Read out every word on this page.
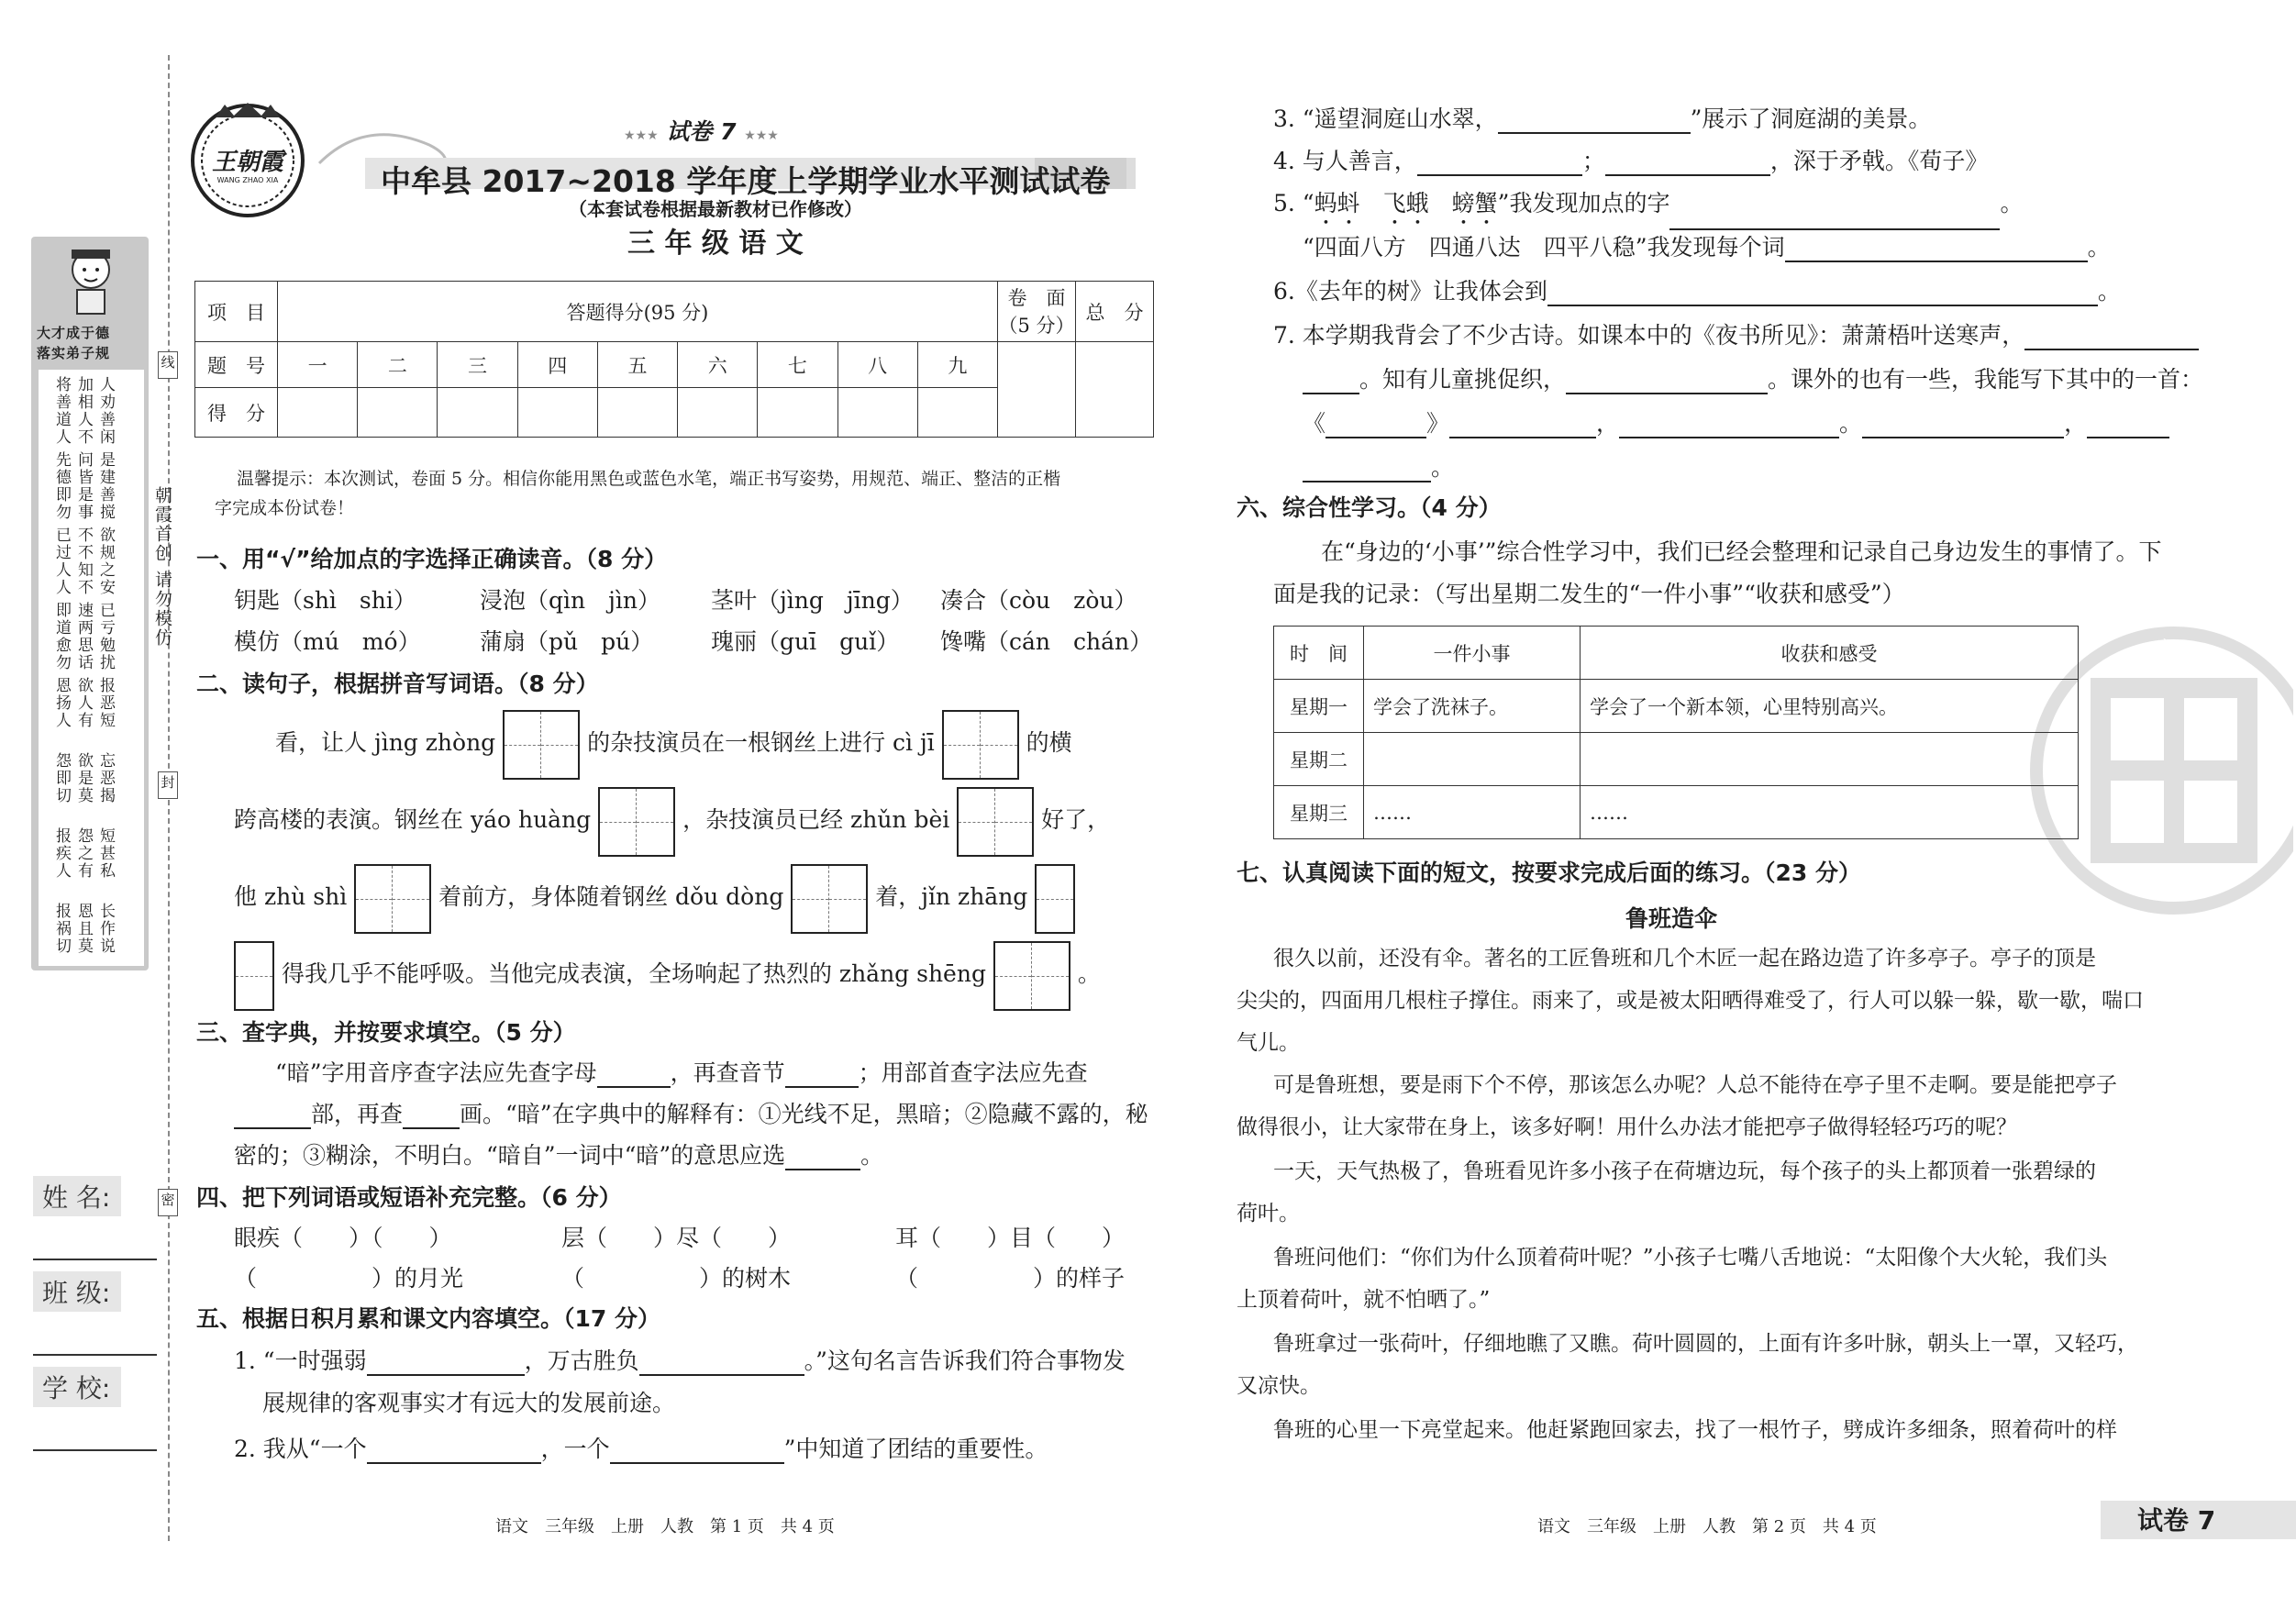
大才成于德
落实弟子规
将善道人 加相人不 人劝善闲
先德即勿 问皆是事 是建善搅
已过人人 不不知不 欲规之安
即道愈勿 速两思话 已亏勉扰
恩扬人 欲人有 报恶短
怨即切 欲是莫 忘恶揭
报疾人 怨之有 短甚私
报祸切 恩且莫 长作说
朝霞首创
请勿模仿
线
封
密
姓 名:
班 级:
学 校:
王朝霞
WANG ZHAO XIA
★★★ 试卷 7 ★★★
中牟县 2017~2018 学年度上学期学业水平测试试卷
（本套试卷根据最新教材已作修改）
三 年 级 语 文
项　目	答题得分(95 分)									卷　面
（5 分）	总　分
题　号	一	二	三	四	五	六	七	八	九		
得　分											
温馨提示：本次测试，卷面 5 分。相信你能用黑色或蓝色水笔，端正书写姿势，用规范、端正、整洁的正楷
字完成本份试卷！
一、用“√”给加点的字选择正确读音。（8 分）
钥匙（shì　shi）	浸泡（qìn　jìn） 茎叶（jìng　jīng） 凑合（còu　zòu）
模仿（mú　mó）	蒲扇（pǔ　pú）	瑰丽（guī　guǐ） 馋嘴（cán　chán）
二、读句子，根据拼音写词语。（8 分）
看，让人 jìng zhòng	的杂技演员在一根钢丝上进行 cì jī	的横
跨高楼的表演。钢丝在 yáo huàng	，杂技演员已经 zhǔn bèi	好了，
他 zhù shì	着前方，身体随着钢丝 dǒu dòng	着，jǐn zhāng
得我几乎不能呼吸。当他完成表演，全场响起了热烈的 zhǎng shēng	。
三、查字典，并按要求填空。（5 分）
“暗”字用音序查字法应先查字母	，再查音节	；用部首查字法应先查
部，再查 画。“暗”在字典中的解释有：①光线不足，黑暗；②隐藏不露的，秘
密的；③糊涂，不明白。“暗自”一词中“暗”的意思应选	。
四、把下列词语或短语补充完整。（6 分）
眼疾（　　）（　　）	层（　　）尽（　　）	耳（　　）目（　　）
（　　　　　）的月光	（　　　　　）的树木	（　　　　　）的样子
五、根据日积月累和课文内容填空。（17 分）
1. “一时强弱	，万古胜负	。”这句名言告诉我们符合事物发
展规律的客观事实才有远大的发展前途。
2. 我从“一个	，一个	”中知道了团结的重要性。
语文　三年级　上册　人教　第 1 页　共 4 页
密
3. “遥望洞庭山水翠，	”展示了洞庭湖的美景。
4. 与人善言，	；	，深于矛戟。《荀子》
5. “蚂蚪　 飞蛾　 螃蟹”我发现加点的字	。
“四面八方　四通八达　四平八稳”我发现每个词	。
6.《去年的树》让我体会到	。
7. 本学期我背会了不少古诗。如课本中的《夜书所见》：萧萧梧叶送寒声，
。知有儿童挑促织，	。课外的也有一些，我能写下其中的一首：
《	》	，	。	，
。
六、综合性学习。（4 分）
在“身边的‘小事’”综合性学习中，我们已经会整理和记录自己身边发生的事情了。下
面是我的记录：（写出星期二发生的“一件小事”“收获和感受”）
时　间	一件小事	收获和感受
星期一	学会了洗袜子。	学会了一个新本领，心里特别高兴。
星期二		
星期三	……	……
七、认真阅读下面的短文，按要求完成后面的练习。（23 分）
鲁班造伞
很久以前，还没有伞。著名的工匠鲁班和几个木匠一起在路边造了许多亭子。亭子的顶是
尖尖的，四面用几根柱子撑住。雨来了，或是被太阳晒得难受了，行人可以躲一躲，歇一歇，喘口
气儿。
可是鲁班想，要是雨下个不停，那该怎么办呢？人总不能待在亭子里不走啊。要是能把亭子
做得很小，让大家带在身上，该多好啊！用什么办法才能把亭子做得轻轻巧巧的呢？
一天，天气热极了，鲁班看见许多小孩子在荷塘边玩，每个孩子的头上都顶着一张碧绿的
荷叶。
鲁班问他们：“你们为什么顶着荷叶呢？”小孩子七嘴八舌地说：“太阳像个大火轮，我们头
上顶着荷叶，就不怕晒了。”
鲁班拿过一张荷叶，仔细地瞧了又瞧。荷叶圆圆的，上面有许多叶脉，朝头上一罩，又轻巧，
又凉快。
鲁班的心里一下亮堂起来。他赶紧跑回家去，找了一根竹子，劈成许多细条，照着荷叶的样
语文　三年级　上册　人教　第 2 页　共 4 页	试卷 7
